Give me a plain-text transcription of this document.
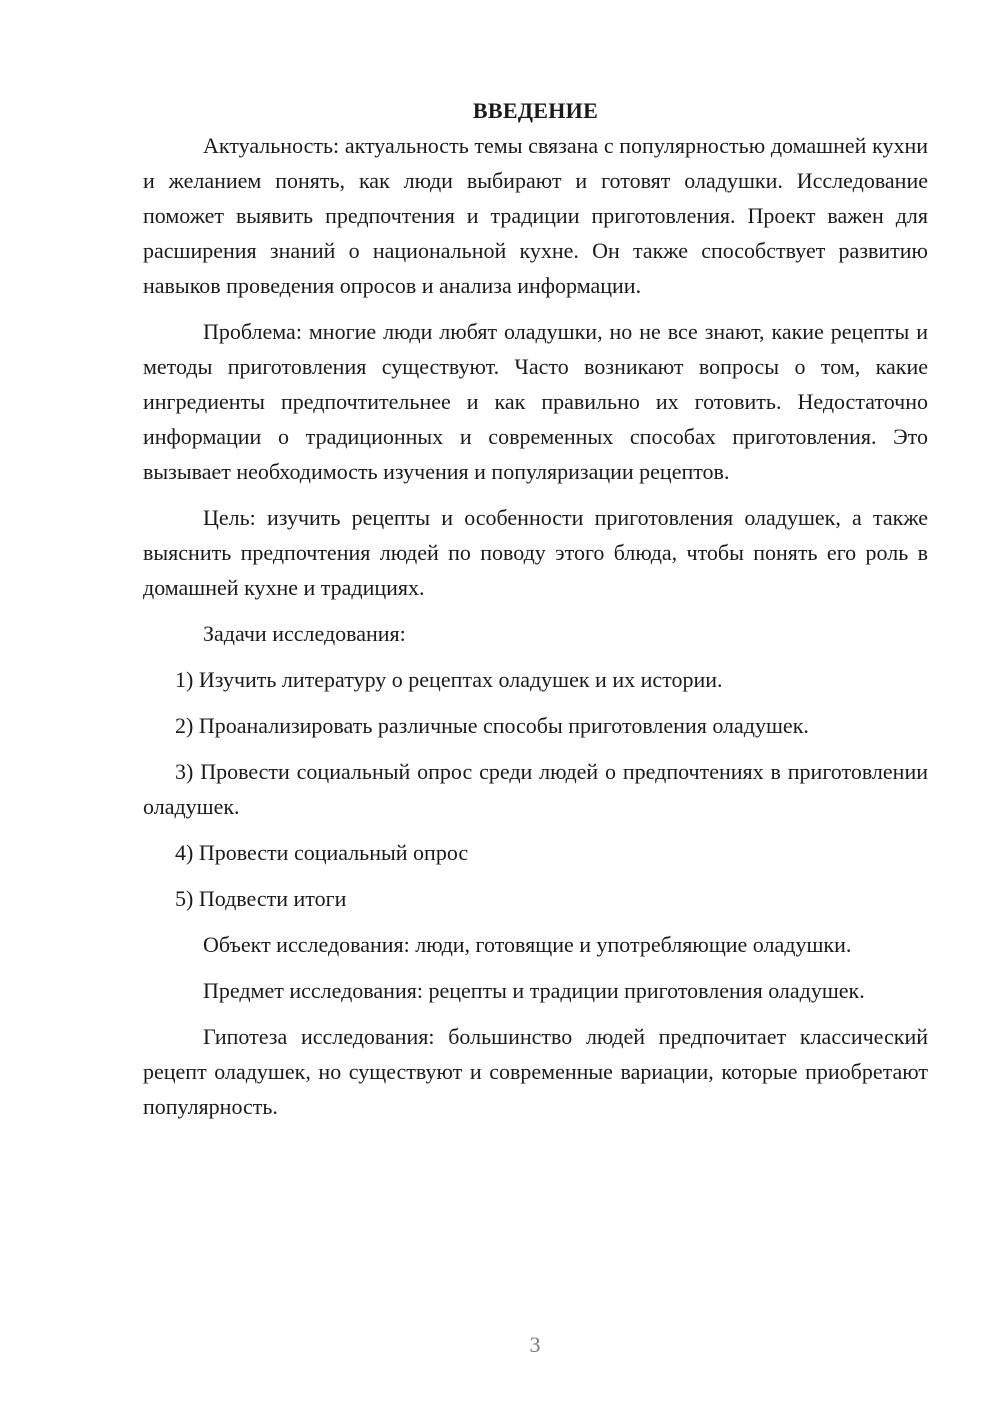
ВВЕДЕНИЕ

Актуальность: актуальность темы связана с популярностью домашней кухни и желанием понять, как люди выбирают и готовят оладушки. Исследование поможет выявить предпочтения и традиции приготовления. Проект важен для расширения знаний о национальной кухне. Он также способствует развитию навыков проведения опросов и анализа информации.

Проблема: многие люди любят оладушки, но не все знают, какие рецепты и методы приготовления существуют. Часто возникают вопросы о том, какие ингредиенты предпочтительнее и как правильно их готовить. Недостаточно информации о традиционных и современных способах приготовления. Это вызывает необходимость изучения и популяризации рецептов.

Цель: изучить рецепты и особенности приготовления оладушек, а также выяснить предпочтения людей по поводу этого блюда, чтобы понять его роль в домашней кухне и традициях.

Задачи исследования:

1) Изучить литературу о рецептах оладушек и их истории.

2) Проанализировать различные способы приготовления оладушек.

3) Провести социальный опрос среди людей о предпочтениях в приготовлении оладушек.

4) Провести социальный опрос

5) Подвести итоги

Объект исследования: люди, готовящие и употребляющие оладушки.

Предмет исследования: рецепты и традиции приготовления оладушек.

Гипотеза исследования: большинство людей предпочитает классический рецепт оладушек, но существуют и современные вариации, которые приобретают популярность.

3
